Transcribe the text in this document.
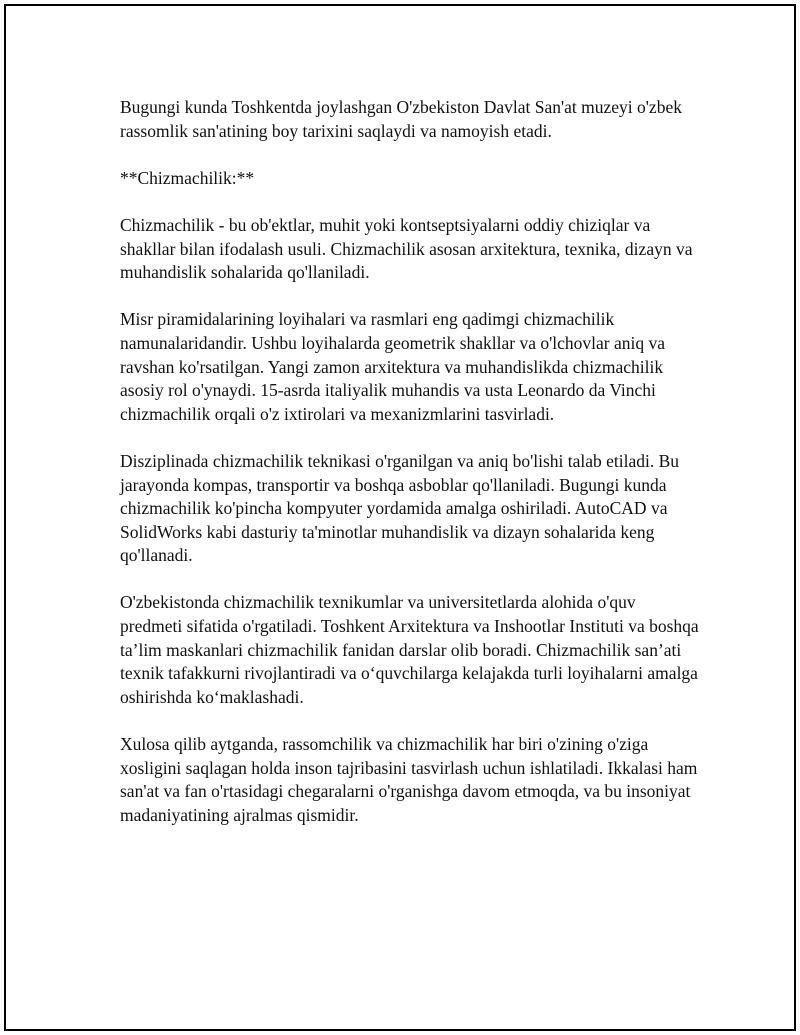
Bugungi kunda Toshkentda joylashgan O'zbekiston Davlat San'at muzeyi o'zbek rassomlik san'atining boy tarixini saqlaydi va namoyish etadi.

**Chizmachilik:**

Chizmachilik - bu ob'ektlar, muhit yoki kontseptsiyalarni oddiy chiziqlar va shakllar bilan ifodalash usuli. Chizmachilik asosan arxitektura, texnika, dizayn va muhandislik sohalarida qo'llaniladi.

Misr piramidalarining loyihalari va rasmlari eng qadimgi chizmachilik namunalaridandir. Ushbu loyihalarda geometrik shakllar va o'lchovlar aniq va ravshan ko'rsatilgan. Yangi zamon arxitektura va muhandislikda chizmachilik asosiy rol o'ynaydi. 15-asrda italiyalik muhandis va usta Leonardo da Vinchi chizmachilik orqali o'z ixtirolari va mexanizmlarini tasvirladi.

Disziplinada chizmachilik teknikasi o'rganilgan va aniq bo'lishi talab etiladi. Bu jarayonda kompas, transportir va boshqa asboblar qo'llaniladi. Bugungi kunda chizmachilik ko'pincha kompyuter yordamida amalga oshiriladi. AutoCAD va SolidWorks kabi dasturiy ta'minotlar muhandislik va dizayn sohalarida keng qo'llanadi.

O'zbekistonda chizmachilik texnikumlar va universitetlarda alohida o'quv predmeti sifatida o'rgatiladi. Toshkent Arxitektura va Inshootlar Instituti va boshqa ta’lim maskanlari chizmachilik fanidan darslar olib boradi. Chizmachilik san’ati texnik tafakkurni rivojlantiradi va o‘quvchilarga kelajakda turli loyihalarni amalga oshirishda ko‘maklashadi.

Xulosa qilib aytganda, rassomchilik va chizmachilik har biri o'zining o'ziga xosligini saqlagan holda inson tajribasini tasvirlash uchun ishlatiladi. Ikkalasi ham san'at va fan o'rtasidagi chegaralarni o'rganishga davom etmoqda, va bu insoniyat madaniyatining ajralmas qismidir.
